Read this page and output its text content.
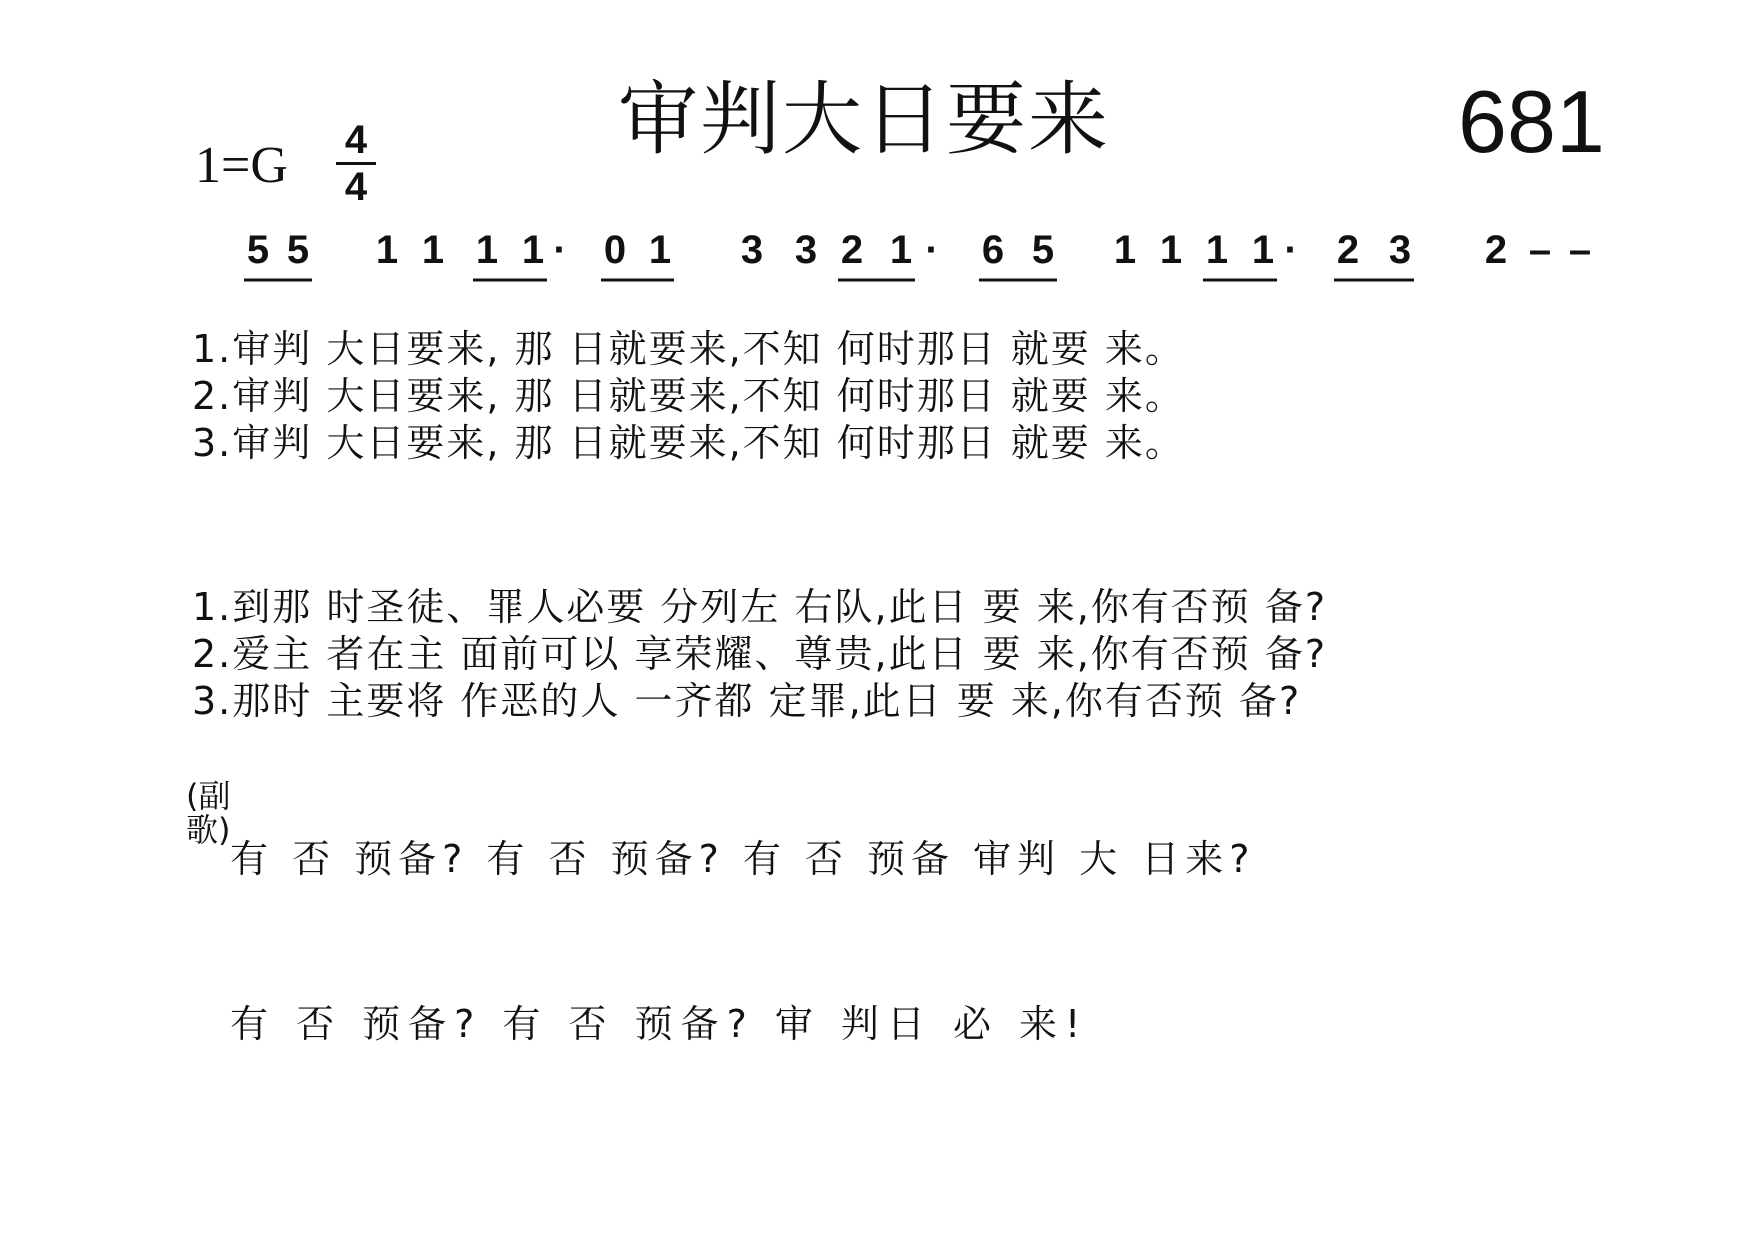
审判大日要来	681
1=G 4
4
5 5 1 1 1 1 · 0 1 3 3 2 1 · 6 5 1 1 1 1 · 2 3 2 – –
1.审判 大日要来, 那 日就要来,不知 何时那日 就要 来。
2.审判 大日要来, 那 日就要来,不知 何时那日 就要 来。
3.审判 大日要来, 那 日就要来,不知 何时那日 就要 来。
1.到那 时圣徒、罪人必要 分列左 右队,此日 要 来,你有否预 备?
2.爱主 者在主 面前可以 享荣耀、尊贵,此日 要 来,你有否预 备?
3.那时 主要将 作恶的人 一齐都 定罪,此日 要 来,你有否预 备?
(副歌)
有 否 预备? 有 否 预备? 有 否 预备 审判 大 日来?
有 否 预备? 有 否 预备? 审 判日 必 来!
